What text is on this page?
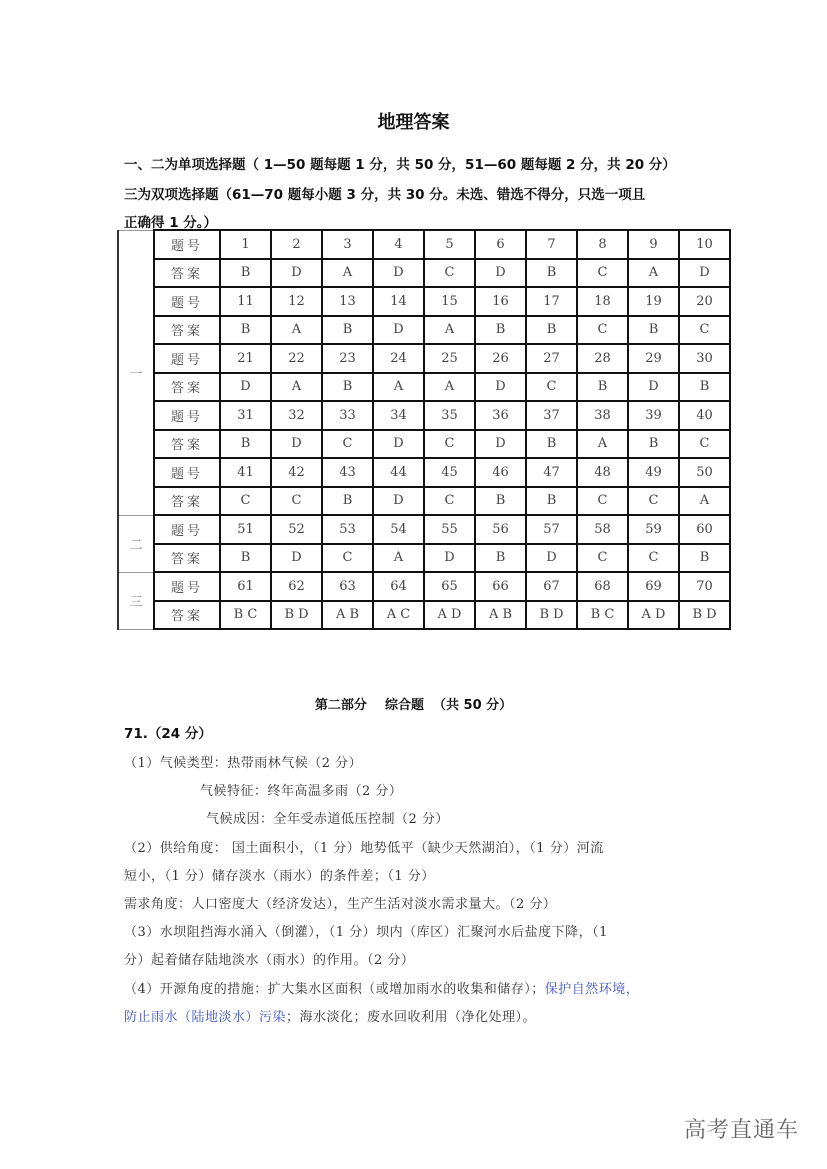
地理答案
一、二为单项选择题（ 1—50 题每题 1 分，共 50 分，51—60 题每题 2 分，共 20 分）
三为双项选择题（61—70 题每小题 3 分，共 30 分。未选、错选不得分，只选一项且
正确得 1 分。）
一	题号	1	2	3	4	5	6	7	8	9	10
	答案	B	D	A	D	C	D	B	C	A	D
	题号	11	12	13	14	15	16	17	18	19	20
	答案	B	A	B	D	A	B	B	C	B	C
	题号	21	22	23	24	25	26	27	28	29	30
	答案	D	A	B	A	A	D	C	B	D	B
	题号	31	32	33	34	35	36	37	38	39	40
	答案	B	D	C	D	C	D	B	A	B	C
	题号	41	42	43	44	45	46	47	48	49	50
	答案	C	C	B	D	C	B	B	C	C	A
二	题号	51	52	53	54	55	56	57	58	59	60
	答案	B	D	C	A	D	B	D	C	C	B
三	题号	61	62	63	64	65	66	67	68	69	70
	答案	B C	B D	A B	A C	A D	A B	B D	B C	A D	B D
第二部分    综合题  （共 50 分）
71.（24 分）
（1）气候类型：热带雨林气候（2 分）
气候特征：终年高温多雨（2 分）
气候成因：全年受赤道低压控制（2 分）
（2）供给角度： 国土面积小，（1 分）地势低平（缺少天然湖泊），（1 分）河流
短小，（1 分）储存淡水（雨水）的条件差；（1 分）
需求角度：人口密度大（经济发达），生产生活对淡水需求量大。（2 分）
（3）水坝阻挡海水涌入（倒灌），（1 分）坝内（库区）汇聚河水后盐度下降，（1
分）起着储存陆地淡水（雨水）的作用。（2 分）
（4）开源角度的措施：扩大集水区面积（或增加雨水的收集和储存）；保护自然环境，
防止雨水（陆地淡水）污染；海水淡化；废水回收利用（净化处理）。
高考直通车
